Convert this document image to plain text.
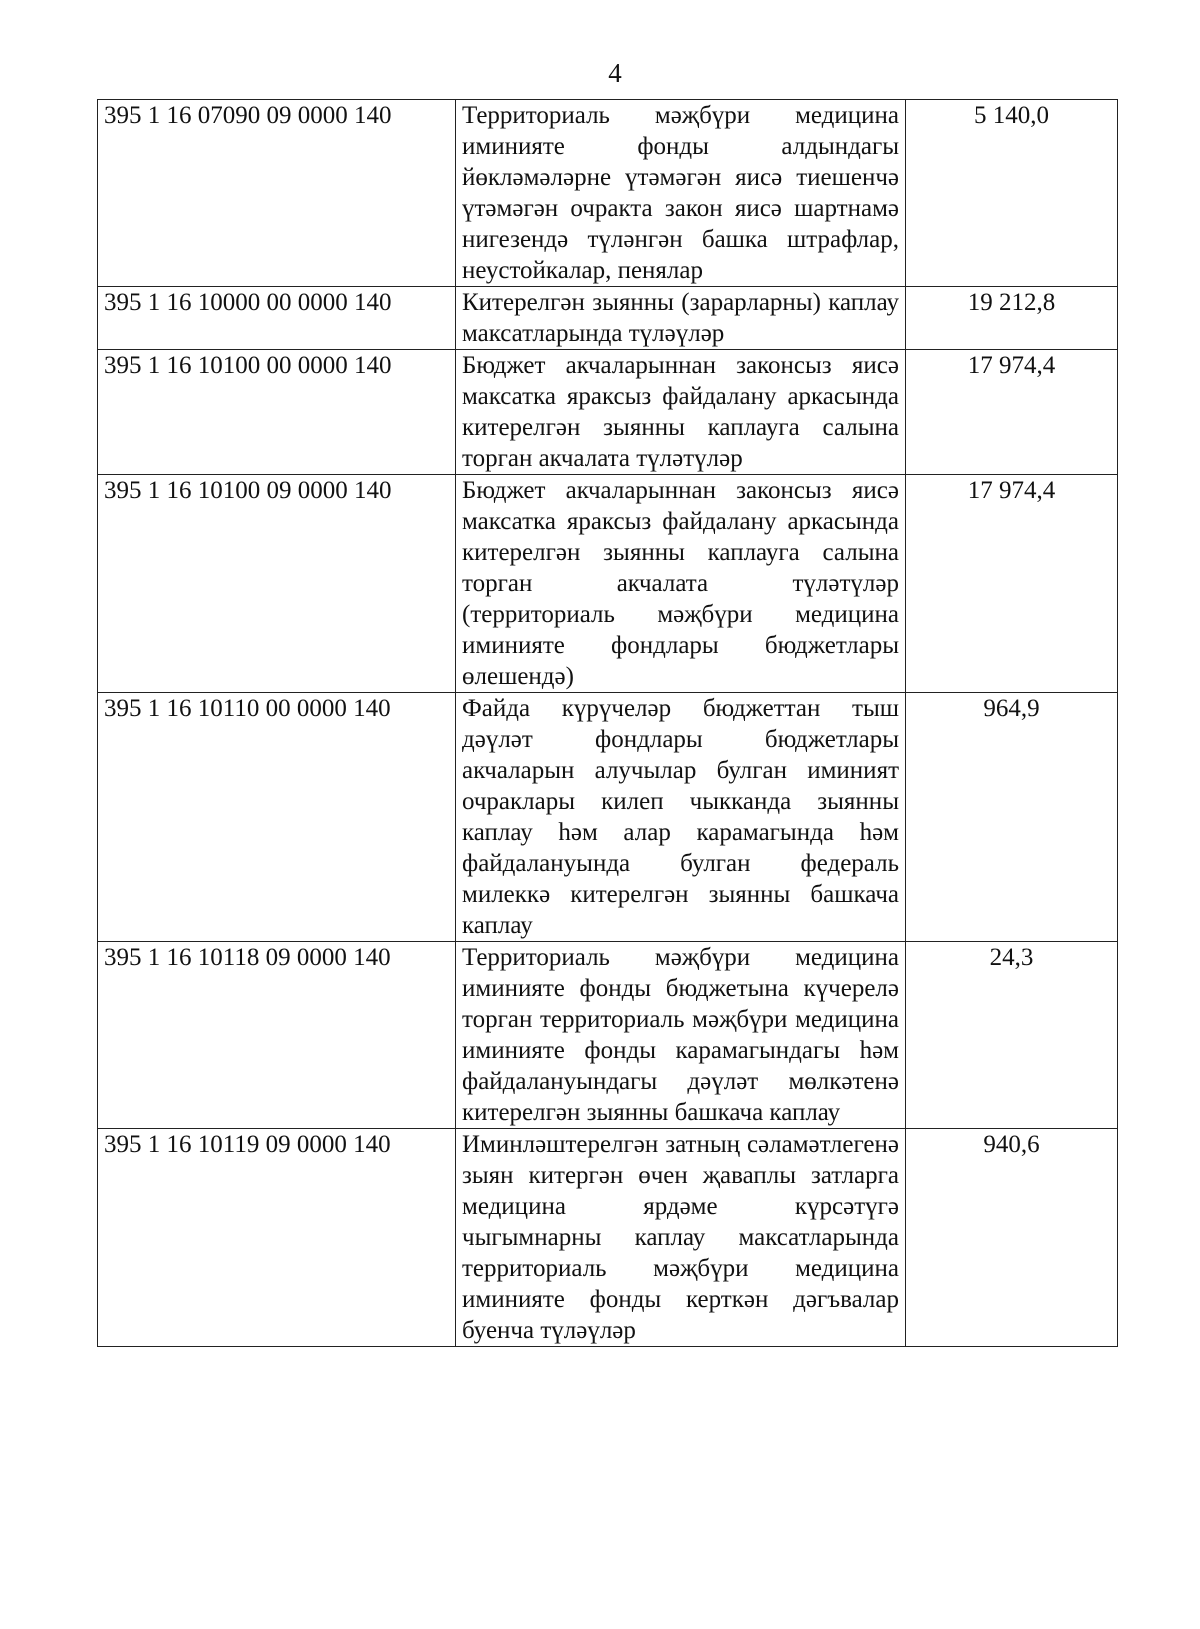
4
395 1 16 07090 09 0000 140	Территориаль мәҗбүри медицина иминияте фонды алдындагы йөкләмәләрне үтәмәгән яисә тиешенчә үтәмәгән очракта закон яисә шартнамә нигезендә түләнгән башка штрафлар, неустойкалар, пенялар	5 140,0
395 1 16 10000 00 0000 140	Китерелгән зыянны (зарарларны) каплау максатларында түләүләр	19 212,8
395 1 16 10100 00 0000 140	Бюджет акчаларыннан законсыз яисә максатка яраксыз файдалану аркасында китерелгән зыянны каплауга салына торган акчалата түләтүләр	17 974,4
395 1 16 10100 09 0000 140	Бюджет акчаларыннан законсыз яисә максатка яраксыз файдалану аркасында китерелгән зыянны каплауга салына торган акчалата түләтүләр (территориаль мәҗбүри медицина иминияте фондлары бюджетлары өлешендә)	17 974,4
395 1 16 10110 00 0000 140	Файда күрүчеләр бюджеттан тыш дәүләт фондлары бюджетлары акчаларын алучылар булган иминият очраклары килеп чыкканда зыянны каплау һәм алар карамагында һәм файдалануында булган федераль милеккә китерелгән зыянны башкача каплау	964,9
395 1 16 10118 09 0000 140	Территориаль мәҗбүри медицина иминияте фонды бюджетына күчерелә торган территориаль мәҗбүри медицина иминияте фонды карамагындагы һәм файдалануындагы дәүләт мөлкәтенә китерелгән зыянны башкача каплау	24,3
395 1 16 10119 09 0000 140	Иминләштерелгән затның сәламәтлегенә зыян китергән өчен җаваплы затларга медицина ярдәме күрсәтүгә чыгымнарны каплау максатларында территориаль мәҗбүри медицина иминияте фонды керткән дәгъвалар буенча түләүләр	940,6
